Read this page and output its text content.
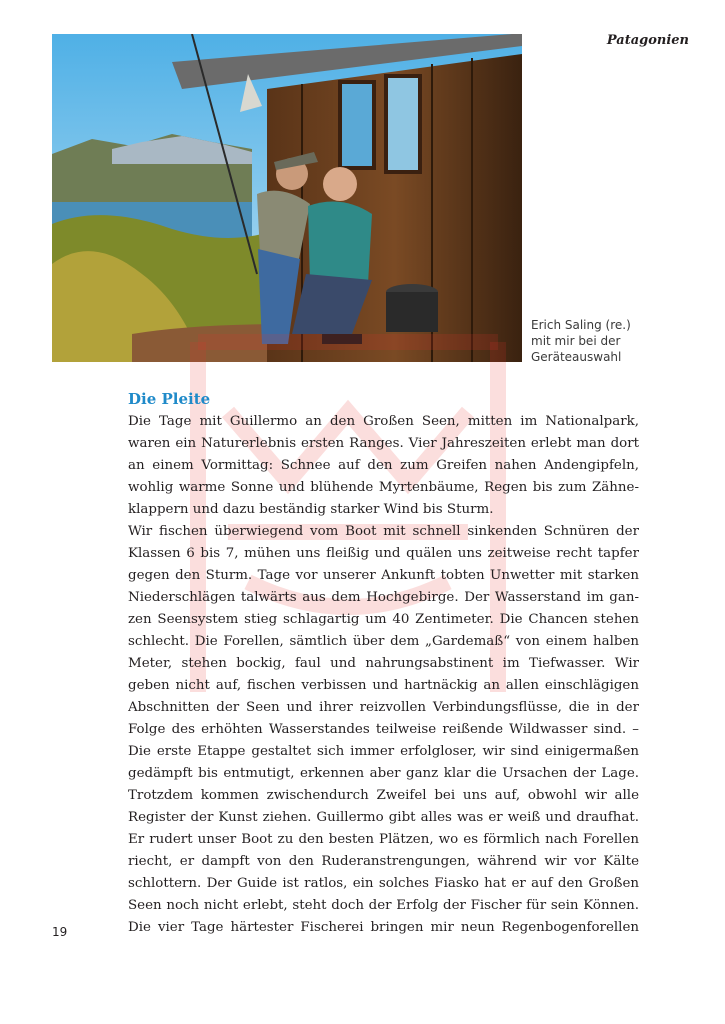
Patagonien
Erich Saling (re.)
mit mir bei der
Geräteauswahl
Die Pleite
Die Tage mit Guillermo an den Großen Seen, mitten im Nationalpark,
waren ein Naturerlebnis ersten Ranges. Vier Jahreszeiten erlebt man dort
an einem Vormittag: Schnee auf den zum Greifen nahen Andengipfeln,
wohlig warme Sonne und blühende Myrtenbäume, Regen bis zum Zähne-
klappern und dazu beständig starker Wind bis Sturm.
Wir fischen überwiegend vom Boot mit schnell sinkenden Schnüren der
Klassen 6 bis 7, mühen uns fleißig und quälen uns zeitweise recht tapfer
gegen den Sturm. Tage vor unserer Ankunft tobten Unwetter mit starken
Niederschlägen talwärts aus dem Hochgebirge. Der Wasserstand im gan-
zen Seensystem stieg schlagartig um 40 Zentimeter. Die Chancen stehen
schlecht. Die Forellen, sämtlich über dem „Gardemaß“ von einem halben
Meter, stehen bockig, faul und nahrungsabstinent im Tiefwasser. Wir
geben nicht auf, fischen verbissen und hartnäckig an allen einschlägigen
Abschnitten der Seen und ihrer reizvollen Verbindungsflüsse, die in der
Folge des erhöhten Wasserstandes teilweise reißende Wildwasser sind. –
Die erste Etappe gestaltet sich immer erfolgloser, wir sind einigermaßen
gedämpft bis entmutigt, erkennen aber ganz klar die Ursachen der Lage.
Trotzdem kommen zwischendurch Zweifel bei uns auf, obwohl wir alle
Register der Kunst ziehen. Guillermo gibt alles was er weiß und draufhat.
Er rudert unser Boot zu den besten Plätzen, wo es förmlich nach Forellen
riecht, er dampft von den Ruderanstrengungen, während wir vor Kälte
schlottern. Der Guide ist ratlos, ein solches Fiasko hat er auf den Großen
Seen noch nicht erlebt, steht doch der Erfolg der Fischer für sein Können.
Die vier Tage härtester Fischerei bringen mir neun Regenbogenforellen
19
